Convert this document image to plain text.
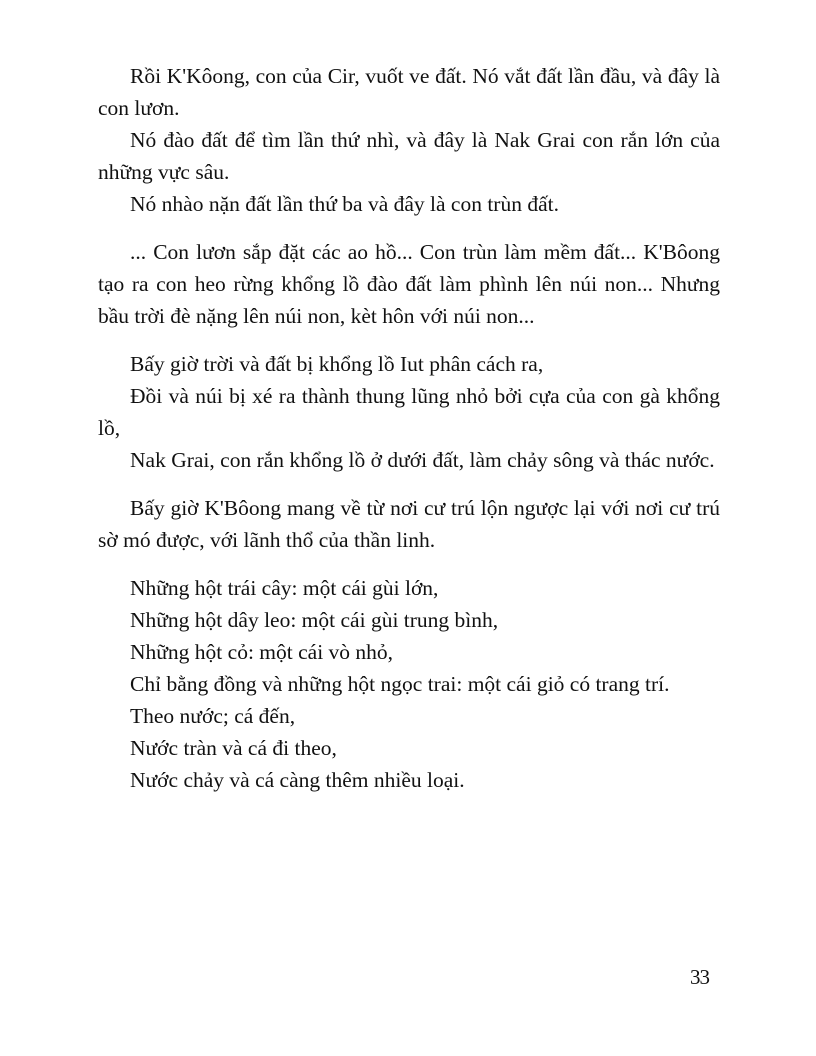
Rồi K'Kôong, con của Cir, vuốt ve đất. Nó vắt đất lần đầu, và đây là con lươn.

Nó đào đất để tìm lần thứ nhì, và đây là Nak Grai con rắn lớn của những vực sâu.

Nó nhào nặn đất lần thứ ba và đây là con trùn đất.

... Con lươn sắp đặt các ao hồ... Con trùn làm mềm đất... K'Bôong tạo ra con heo rừng khổng lồ đào đất làm phình lên núi non... Nhưng bầu trời đè nặng lên núi non, kèt hôn với núi non...

Bấy giờ trời và đất bị khổng lồ Iut phân cách ra,

Đồi và núi bị xé ra thành thung lũng nhỏ bởi cựa của con gà khổng lồ,

Nak Grai, con rắn khổng lồ ở dưới đất, làm chảy sông và thác nước.

Bấy giờ K'Bôong mang về từ nơi cư trú lộn ngược lại với nơi cư trú sờ mó được, với lãnh thổ của thần linh.

Những hột trái cây: một cái gùi lớn,

Những hột dây leo: một cái gùi trung bình,

Những hột cỏ: một cái vò nhỏ,

Chỉ bằng đồng và những hột ngọc trai: một cái giỏ có trang trí.

Theo nước; cá đến,

Nước tràn và cá đi theo,

Nước chảy và cá càng thêm nhiều loại.

33
